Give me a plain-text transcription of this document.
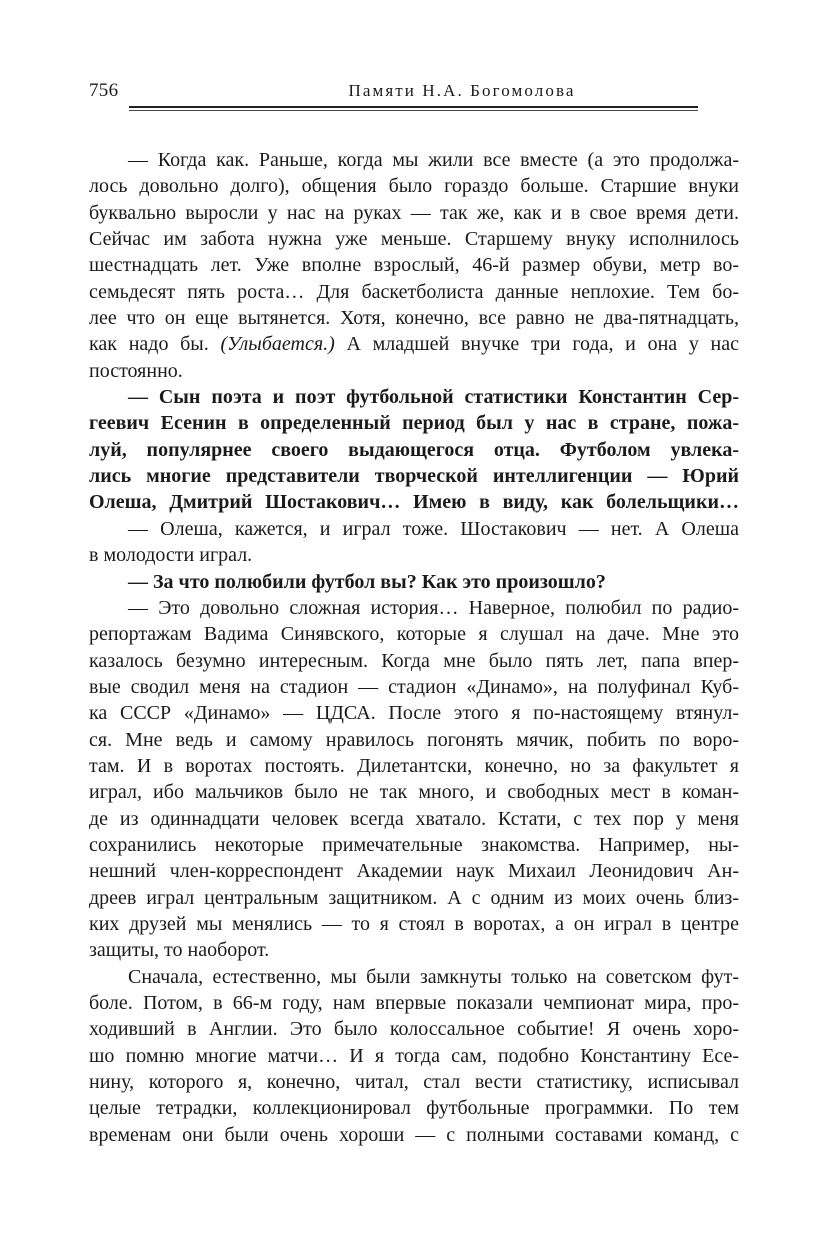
756	Памяти Н.А. Богомолова
— Когда как. Раньше, когда мы жили все вместе (а это продолжа-
лось довольно долго), общения было гораздо больше. Старшие внуки
буквально выросли у нас на руках — так же, как и в свое время дети.
Сейчас им забота нужна уже меньше. Старшему внуку исполнилось
шестнадцать лет. Уже вполне взрослый, 46-й размер обуви, метр во-
семьдесят пять роста… Для баскетболиста данные неплохие. Тем бо-
лее что он еще вытянется. Хотя, конечно, все равно не два-пятнадцать,
как надо бы. (Улыбается.) А младшей внучке три года, и она у нас
постоянно.
— Сын поэта и поэт футбольной статистики Константин Сер-
геевич Есенин в определенный период был у нас в стране, пожа-
луй, популярнее своего выдающегося отца. Футболом увлека-
лись многие представители творческой интеллигенции — Юрий
Олеша, Дмитрий Шостакович… Имею в виду, как болельщики…
— Олеша, кажется, и играл тоже. Шостакович — нет. А Олеша
в молодости играл.
— За что полюбили футбол вы? Как это произошло?
— Это довольно сложная история… Наверное, полюбил по радио-
репортажам Вадима Синявского, которые я слушал на даче. Мне это
казалось безумно интересным. Когда мне было пять лет, папа впер-
вые сводил меня на стадион — стадион «Динамо», на полуфинал Куб-
ка СССР «Динамо» — ЦДСА. После этого я по-настоящему втянул-
ся. Мне ведь и самому нравилось погонять мячик, побить по воро-
там. И в воротах постоять. Дилетантски, конечно, но за факультет я
играл, ибо мальчиков было не так много, и свободных мест в коман-
де из одиннадцати человек всегда хватало. Кстати, с тех пор у меня
сохранились некоторые примечательные знакомства. Например, ны-
нешний член-корреспондент Академии наук Михаил Леонидович Ан-
дреев играл центральным защитником. А с одним из моих очень близ-
ких друзей мы менялись — то я стоял в воротах, а он играл в центре
защиты, то наоборот.
Сначала, естественно, мы были замкнуты только на советском фут-
боле. Потом, в 66-м году, нам впервые показали чемпионат мира, про-
ходивший в Англии. Это было колоссальное событие! Я очень хоро-
шо помню многие матчи… И я тогда сам, подобно Константину Есе-
нину, которого я, конечно, читал, стал вести статистику, исписывал
целые тетрадки, коллекционировал футбольные программки. По тем
временам они были очень хороши — с полными составами команд, с
